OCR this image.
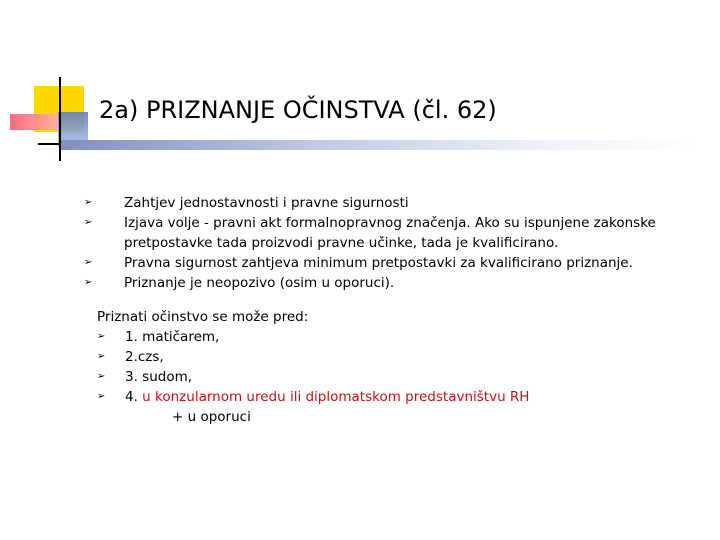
2a) PRIZNANJE OČINSTVA (čl. 62)
➢	Zahtjev jednostavnosti i pravne sigurnosti
➢	Izjava volje - pravni akt formalnopravnog značenja. Ako su ispunjene zakonske pretpostavke tada proizvodi pravne učinke, tada je kvalificirano.
➢	Pravna sigurnost zahtjeva minimum pretpostavki za kvalificirano priznanje.
➢	Priznanje je neopozivo (osim u oporuci).
Priznati očinstvo se može pred:
➢	1. matičarem,
➢	2.czs,
➢	3. sudom,
➢	4. u konzularnom uredu ili diplomatskom predstavništvu RH
+ u oporuci
